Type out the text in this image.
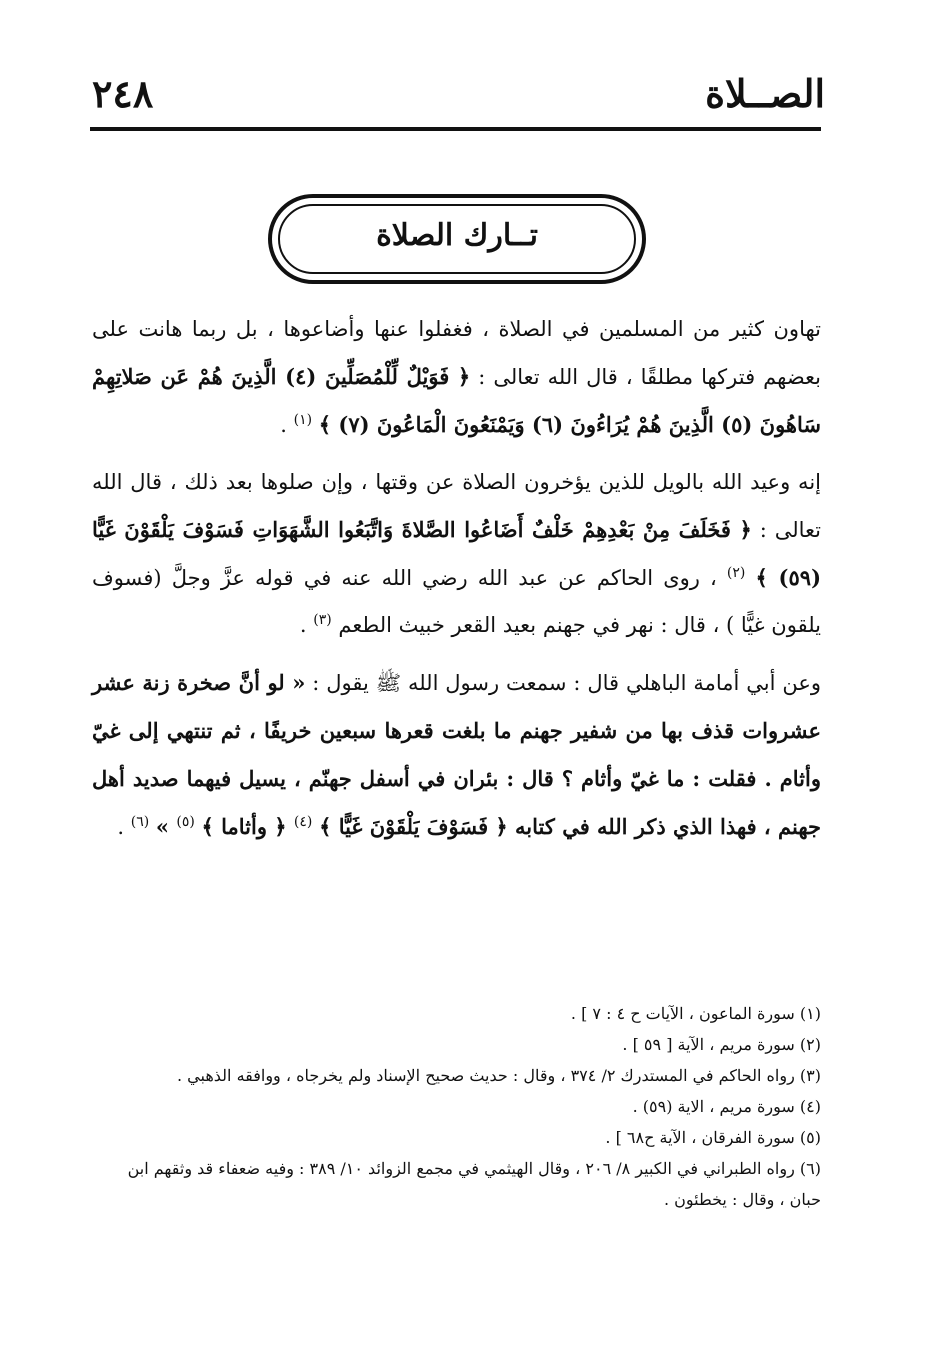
الصــلاة
٢٤٨
تــارك الصلاة

تهاون كثير من المسلمين في الصلاة ، فغفلوا عنها وأضاعوها ، بل ربما هانت على بعضهم فتركها مطلقًا ، قال الله تعالى : ﴿ فَوَيْلٌ لِّلْمُصَلِّينَ (٤) الَّذِينَ هُمْ عَن صَلاتِهِمْ سَاهُونَ (٥) الَّذِينَ هُمْ يُرَاءُونَ (٦) وَيَمْنَعُونَ الْمَاعُونَ (٧) ﴾ $^{(١)}$ .

إنه وعيد الله بالويل للذين يؤخرون الصلاة عن وقتها ، وإن صلوها بعد ذلك ، قال الله تعالى : ﴿ فَخَلَفَ مِنْ بَعْدِهِمْ خَلْفٌ أَضَاعُوا الصَّلاةَ وَاتَّبَعُوا الشَّهَوَاتِ فَسَوْفَ يَلْقَوْنَ غَيًّا (٥٩) ﴾ $^{(٢)}$ ، روى الحاكم عن عبد الله رضي الله عنه في قوله عزَّ وجلَّ (فسوف يلقون غيًّا ) ، قال : نهر في جهنم بعيد القعر خبيث الطعم $^{(٣)}$ .

وعن أبي أمامة الباهلي قال : سمعت رسول الله ﷺ يقول : « لو أنَّ صخرة زنة عشر عشروات قذف بها من شفير جهنم ما بلغت قعرها سبعين خريفًا ، ثم تنتهي إلى غيّ وأثام . فقلت : ما غيّ وأثام ؟ قال : بئران في أسفل جهنّم ، يسيل فيهما صديد أهل جهنم ، فهذا الذي ذكر الله في كتابه ﴿ فَسَوْفَ يَلْقَوْنَ غَيًّا ﴾ $^{(٤)}$ ﴿ وأثاما ﴾ $^{(٥)}$ » $^{(٦)}$ .

(١) سورة الماعون ، الآيات ح ٤ : ٧ ] .

(٢) سورة مريم ، الآية [ ٥٩ ] .

(٣) رواه الحاكم في المستدرك ٢/ ٣٧٤ ، وقال : حديث صحيح الإسناد ولم يخرجاه ، ووافقه الذهبي .

(٤) سورة مريم ، الاية (٥٩) .

(٥) سورة الفرقان ، الآية ح٦٨ ] .

(٦) رواه الطبراني في الكبير ٨/ ٢٠٦ ، وقال الهيثمي في مجمع الزوائد ١٠/ ٣٨٩ : وفيه ضعفاء قد وثقهم ابن حبان ، وقال : يخطئون .
